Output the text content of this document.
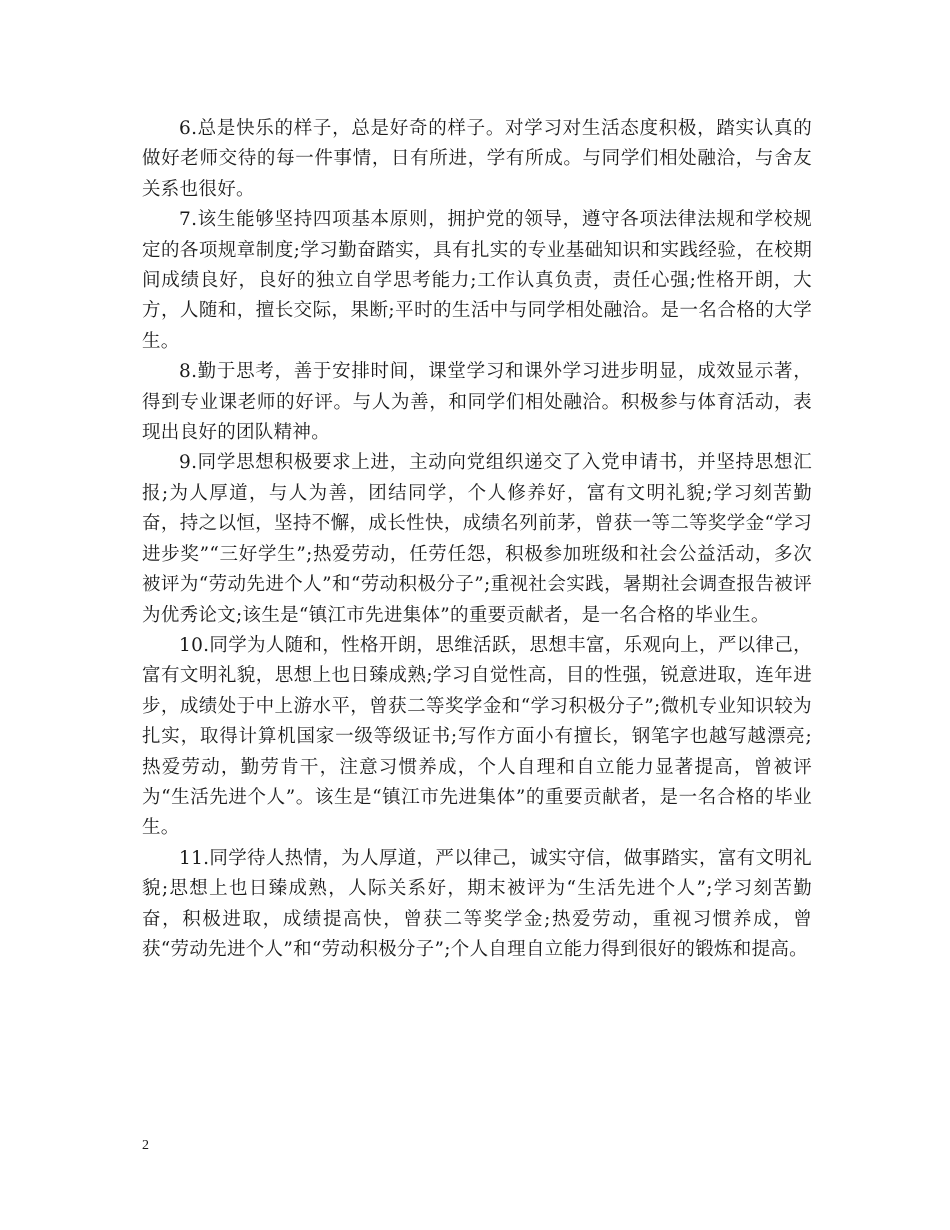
6.总是快乐的样子，总是好奇的样子。对学习对生活态度积极，踏实认真的做好老师交待的每一件事情，日有所进，学有所成。与同学们相处融洽，与舍友关系也很好。

7.该生能够坚持四项基本原则，拥护党的领导，遵守各项法律法规和学校规定的各项规章制度;学习勤奋踏实，具有扎实的专业基础知识和实践经验，在校期间成绩良好，良好的独立自学思考能力;工作认真负责，责任心强;性格开朗，大方，人随和，擅长交际，果断;平时的生活中与同学相处融洽。是一名合格的大学生。

8.勤于思考，善于安排时间，课堂学习和课外学习进步明显，成效显示著，得到专业课老师的好评。与人为善，和同学们相处融洽。积极参与体育活动，表现出良好的团队精神。

9.同学思想积极要求上进，主动向党组织递交了入党申请书，并坚持思想汇报;为人厚道，与人为善，团结同学，个人修养好，富有文明礼貌;学习刻苦勤奋，持之以恒，坚持不懈，成长性快，成绩名列前茅，曾获一等二等奖学金“学习进步奖”“三好学生”;热爱劳动，任劳任怨，积极参加班级和社会公益活动，多次被评为“劳动先进个人”和“劳动积极分子”;重视社会实践，暑期社会调查报告被评为优秀论文;该生是“镇江市先进集体”的重要贡献者，是一名合格的毕业生。

10.同学为人随和，性格开朗，思维活跃，思想丰富，乐观向上，严以律己，富有文明礼貌，思想上也日臻成熟;学习自觉性高，目的性强，锐意进取，连年进步，成绩处于中上游水平，曾获二等奖学金和“学习积极分子”;微机专业知识较为扎实，取得计算机国家一级等级证书;写作方面小有擅长，钢笔字也越写越漂亮;热爱劳动，勤劳肯干，注意习惯养成，个人自理和自立能力显著提高，曾被评为“生活先进个人”。该生是“镇江市先进集体”的重要贡献者，是一名合格的毕业生。

11.同学待人热情，为人厚道，严以律己，诚实守信，做事踏实，富有文明礼貌;思想上也日臻成熟，人际关系好，期末被评为“生活先进个人”;学习刻苦勤奋，积极进取，成绩提高快，曾获二等奖学金;热爱劳动，重视习惯养成，曾获“劳动先进个人”和“劳动积极分子”;个人自理自立能力得到很好的锻炼和提高。

2
